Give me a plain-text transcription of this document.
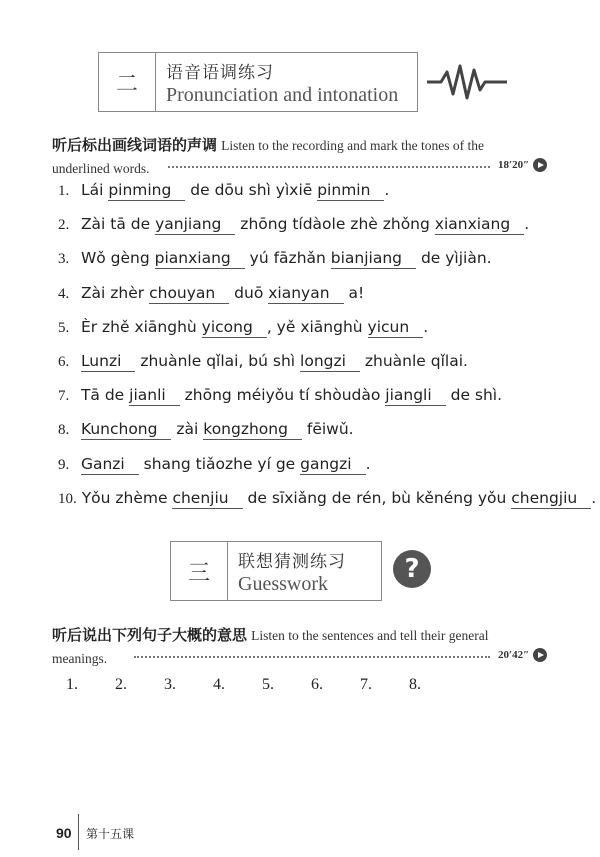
二	语音语调练习
Pronunciation and intonation
听后标出画线词语的声调 Listen to the recording and mark the tones of the
underlined words.	18′20″
1. Lái pinming de dōu shì yìxiē pinmin .
2. Zài tā de yanjiang zhōng tídàole zhè zhǒng xianxiang .
3. Wǒ gèng pianxiang yú fāzhǎn bianjiang de yìjiàn.
4. Zài zhèr chouyan duō xianyan a!
5. Èr zhě xiānghù yicong , yě xiānghù yicun .
6. Lunzi zhuànle qǐlai, bú shì longzi zhuànle qǐlai.
7. Tā de jianli zhōng méiyǒu tí shòudào jiangli de shì.
8. Kunchong zài kongzhong fēiwǔ.
9. Ganzi shang tiǎozhe yí ge gangzi .
10. Yǒu zhème chenjiu de sīxiǎng de rén, bù kěnéng yǒu chengjiu .
三	联想猜测练习
Guesswork	?
听后说出下列句子大概的意思 Listen to the sentences and tell their general
meanings.	20′42″
1. 2. 3. 4. 5. 6. 7. 8.
90 第十五课
